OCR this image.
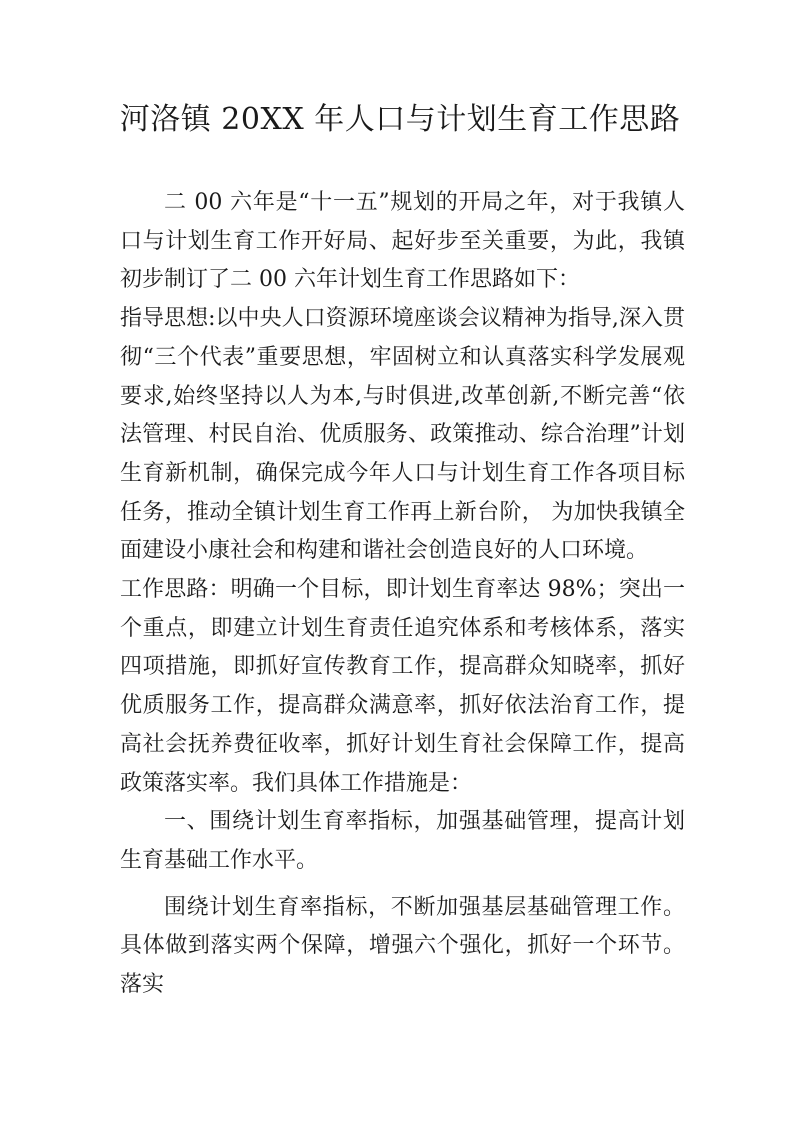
河洛镇 20XX 年人口与计划生育工作思路

二 00 六年是“十一五”规划的开局之年，对于我镇人口与计划生育工作开好局、起好步至关重要，为此，我镇初步制订了二 00 六年计划生育工作思路如下：

指导思想:以中央人口资源环境座谈会议精神为指导,深入贯彻“三个代表”重要思想，牢固树立和认真落实科学发展观要求,始终坚持以人为本,与时俱进,改革创新,不断完善“依法管理、村民自治、优质服务、政策推动、综合治理”计划生育新机制，确保完成今年人口与计划生育工作各项目标任务，推动全镇计划生育工作再上新台阶， 为加快我镇全面建设小康社会和构建和谐社会创造良好的人口环境。

工作思路：明确一个目标，即计划生育率达 98%；突出一个重点，即建立计划生育责任追究体系和考核体系，落实四项措施，即抓好宣传教育工作，提高群众知晓率，抓好优质服务工作，提高群众满意率，抓好依法治育工作，提高社会抚养费征收率，抓好计划生育社会保障工作，提高政策落实率。我们具体工作措施是：

一、围绕计划生育率指标，加强基础管理，提高计划生育基础工作水平。

围绕计划生育率指标，不断加强基层基础管理工作。具体做到落实两个保障，增强六个强化，抓好一个环节。落实
